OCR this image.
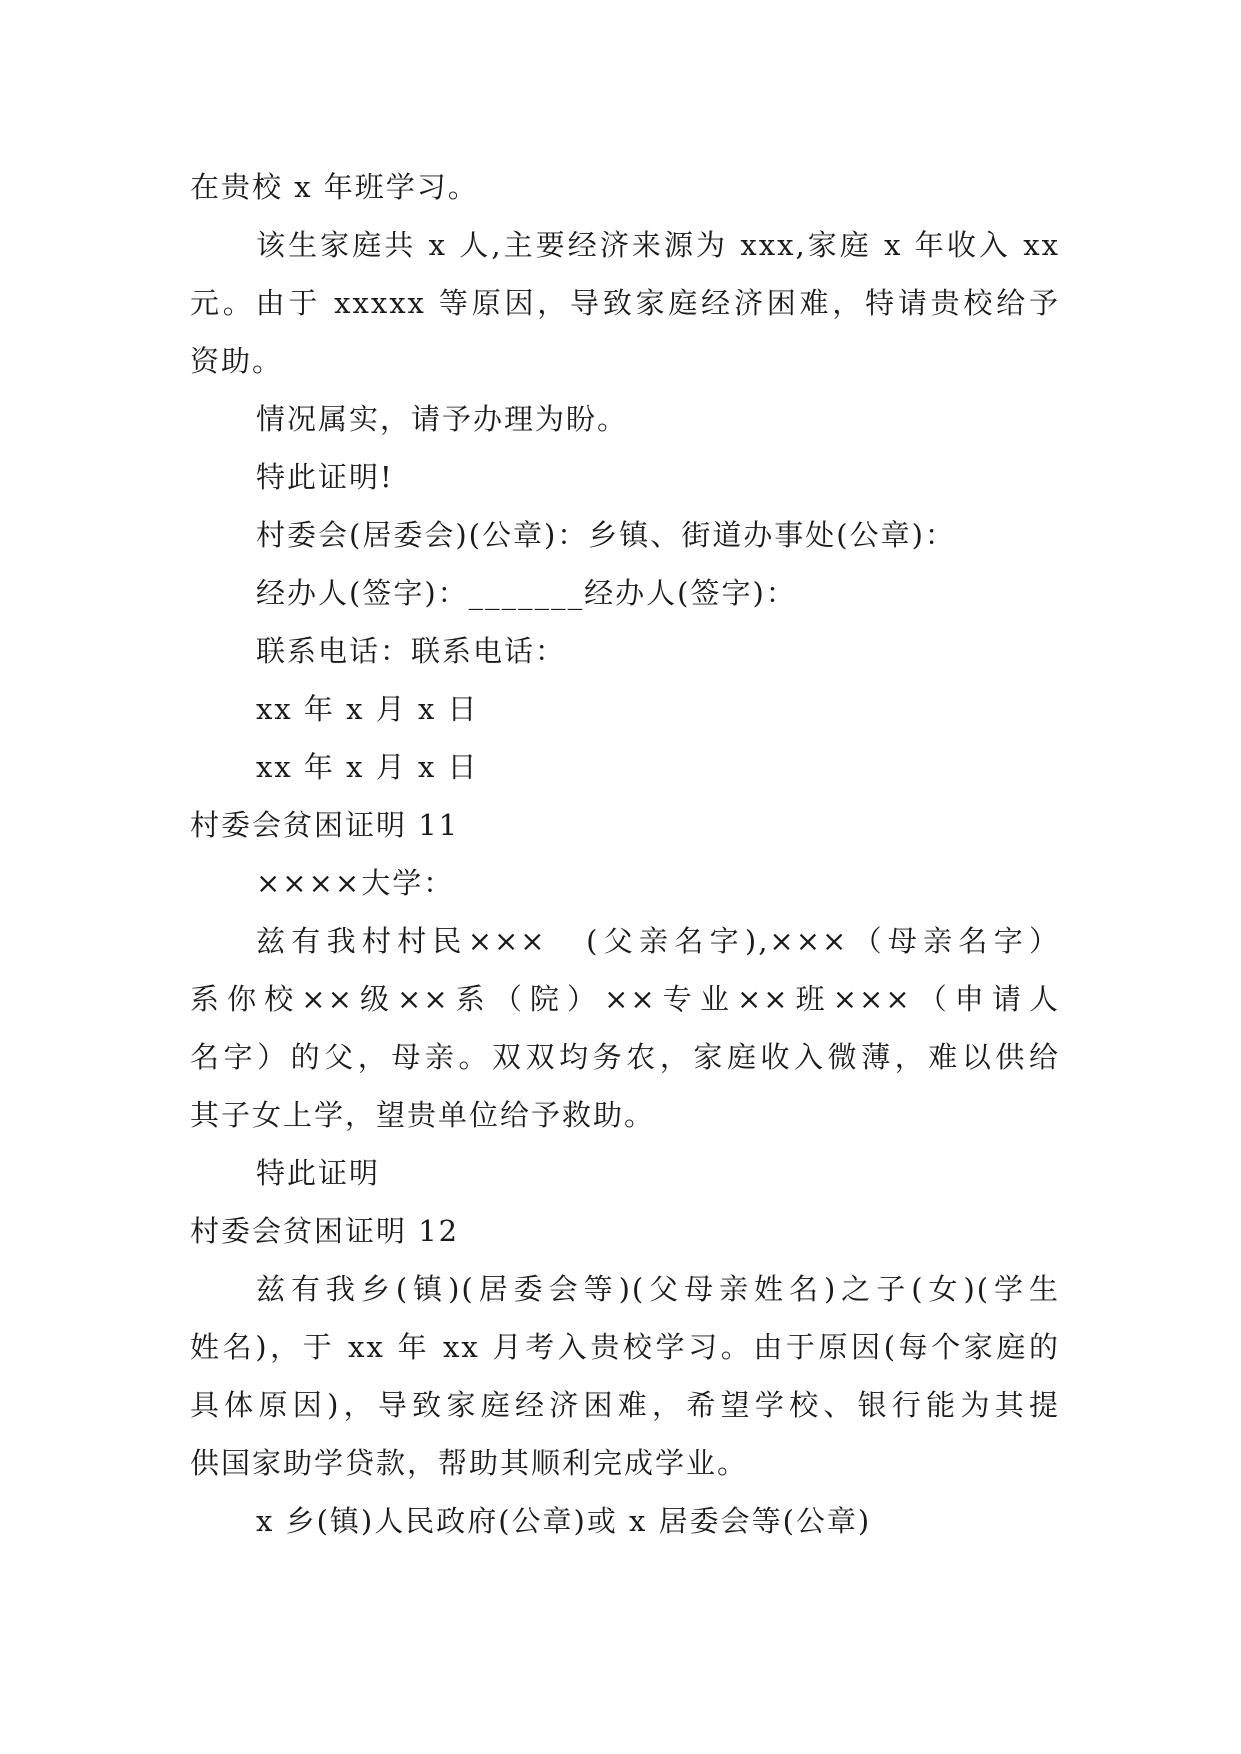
在贵校 x 年班学习。
该生家庭共 x 人,主要经济来源为 xxx,家庭 x 年收入 xx
元。由于 xxxxx 等原因，导致家庭经济困难，特请贵校给予
资助。
情况属实，请予办理为盼。
特此证明!
村委会(居委会)(公章)：乡镇、街道办事处(公章)：
经办人(签字)：_______经办人(签字)：
联系电话：联系电话：
xx 年 x 月 x 日
xx 年 x 月 x 日
村委会贫困证明 11
××××大学：
兹有我村村民×××　(父亲名字),×××（母亲名字）
系你校××级××系（院）××专业××班×××（申请人
名字）的父，母亲。双双均务农，家庭收入微薄，难以供给
其子女上学，望贵单位给予救助。
特此证明
村委会贫困证明 12
兹有我乡(镇)(居委会等)(父母亲姓名)之子(女)(学生
姓名)，于 xx 年 xx 月考入贵校学习。由于原因(每个家庭的
具体原因)，导致家庭经济困难，希望学校、银行能为其提
供国家助学贷款，帮助其顺利完成学业。
x 乡(镇)人民政府(公章)或 x 居委会等(公章)
